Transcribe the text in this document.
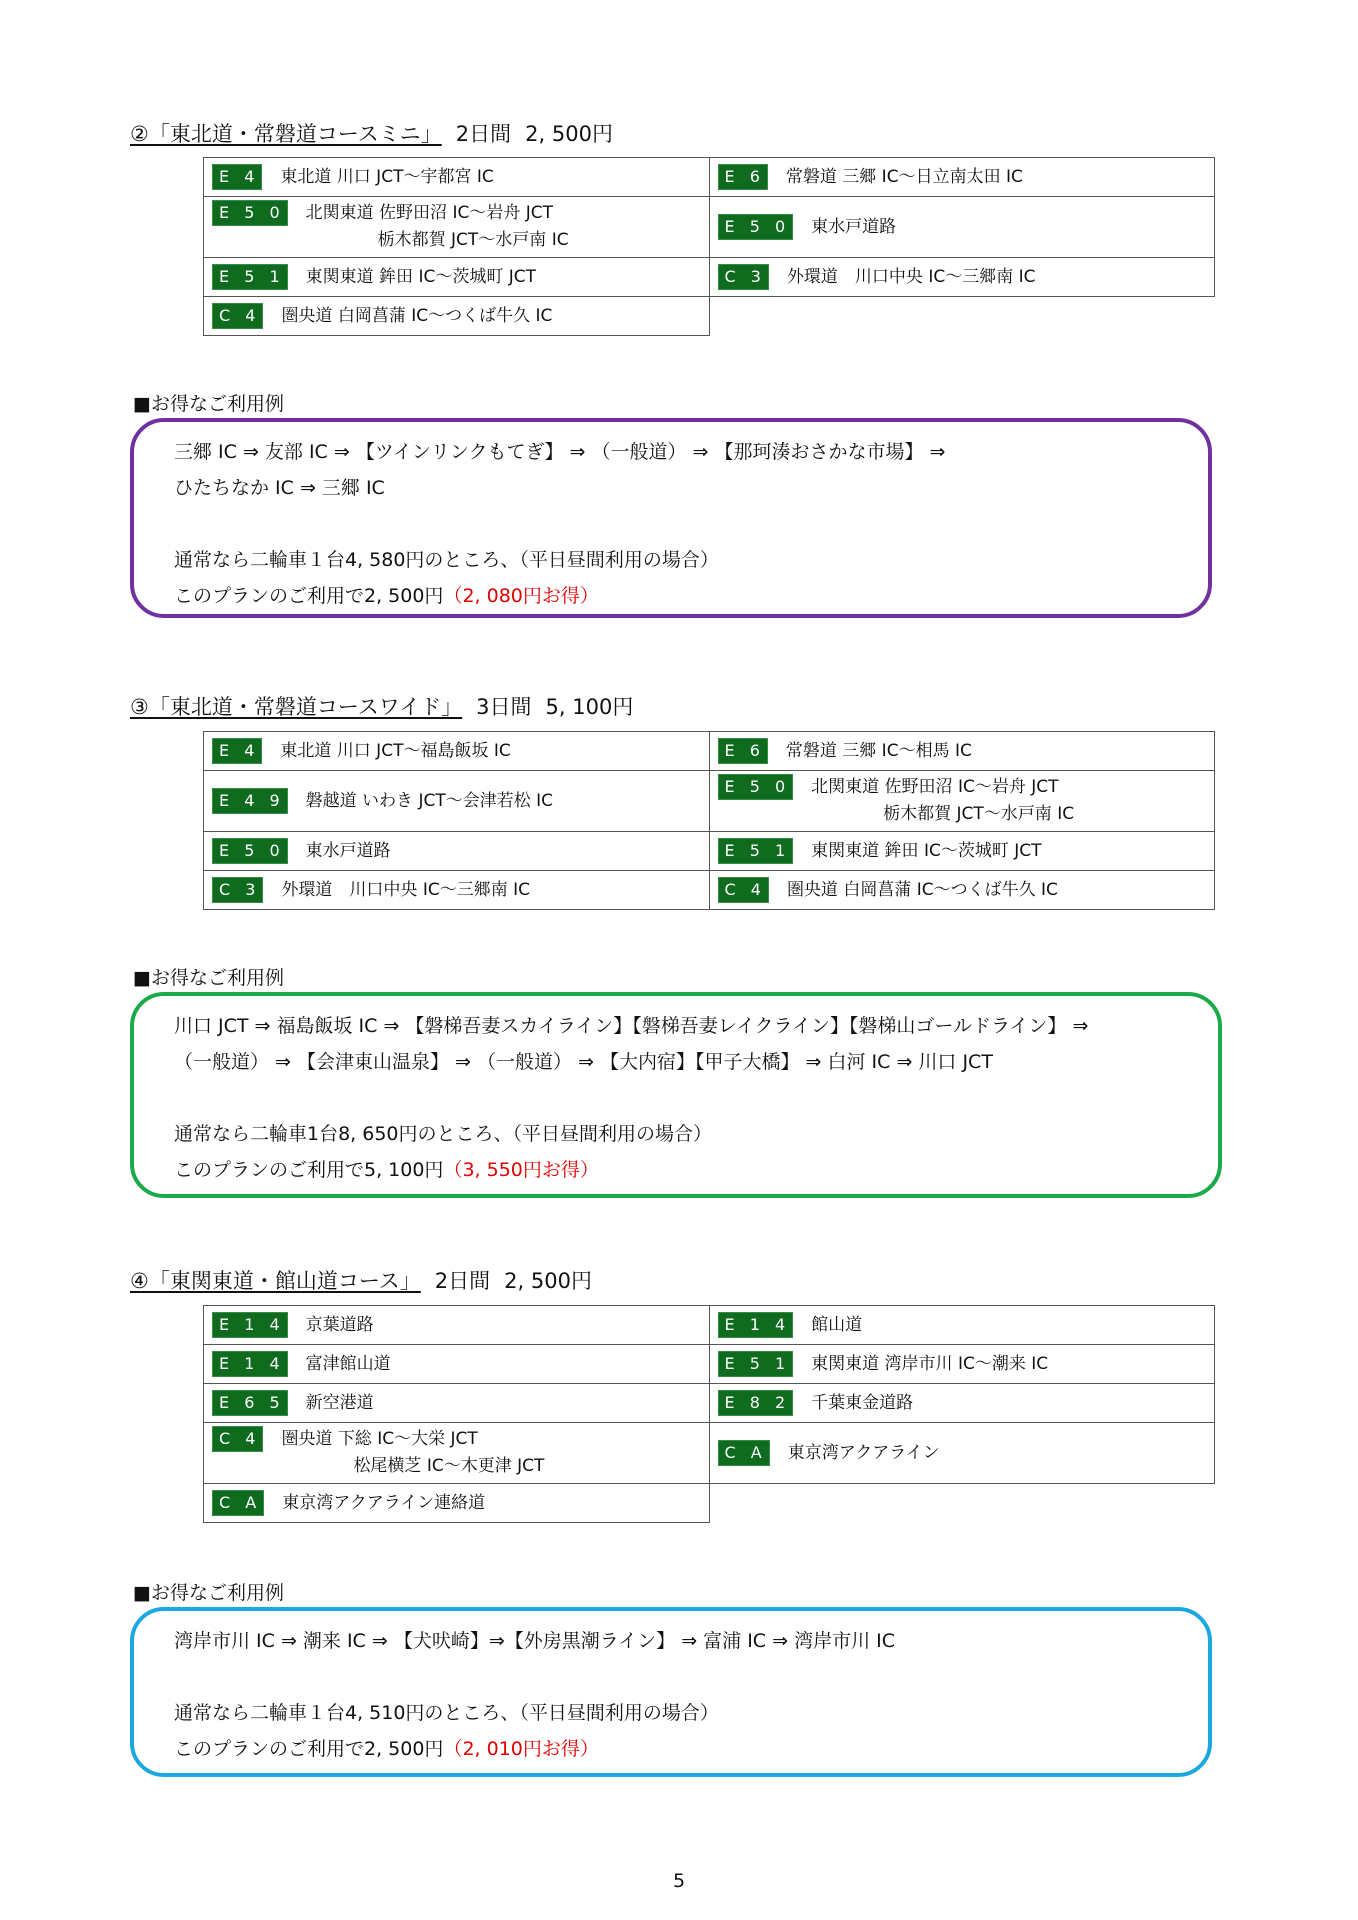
②「東北道・常磐道コースミニ」 2日間 2, 500円
E 4 東北道 川口 JCT～宇都宮 IC	E 6 常磐道 三郷 IC～日立南太田 IC

E 5 0 北関東道 佐野田沼 IC～岩舟 JCT
栃木都賀 JCT～水戸南 IC	E 5 0 東水戸道路

E 5 1 東関東道 鉾田 IC～茨城町 JCT	C 3 外環道　川口中央 IC～三郷南 IC

C 4 圏央道 白岡菖蒲 IC～つくば牛久 IC	

■お得なご利用例

三郷 IC ⇒ 友部 IC ⇒ 【ツインリンクもてぎ】 ⇒ （一般道） ⇒ 【那珂湊おさかな市場】 ⇒

ひたちなか IC ⇒ 三郷 IC

通常なら二輪車１台4, 580円のところ、（平日昼間利用の場合）

このプランのご利用で2, 500円（2, 080円お得）

③「東北道・常磐道コースワイド」 3日間 5, 100円
E 4 東北道 川口 JCT～福島飯坂 IC	E 6 常磐道 三郷 IC～相馬 IC

E 4 9 磐越道 いわき JCT～会津若松 IC	E 5 0 北関東道 佐野田沼 IC～岩舟 JCT
栃木都賀 JCT～水戸南 IC

E 5 0 東水戸道路	E 5 1 東関東道 鉾田 IC～茨城町 JCT

C 3 外環道　川口中央 IC～三郷南 IC	C 4 圏央道 白岡菖蒲 IC～つくば牛久 IC
■お得なご利用例

川口 JCT ⇒ 福島飯坂 IC ⇒ 【磐梯吾妻スカイライン】【磐梯吾妻レイクライン】【磐梯山ゴールドライン】 ⇒

（一般道） ⇒ 【会津東山温泉】 ⇒ （一般道） ⇒ 【大内宿】【甲子大橋】 ⇒ 白河 IC ⇒ 川口 JCT

通常なら二輪車1台8, 650円のところ、（平日昼間利用の場合）

このプランのご利用で5, 100円（3, 550円お得）

④「東関東道・館山道コース」 2日間 2, 500円
E 1 4 京葉道路	E 1 4 館山道

E 1 4 富津館山道	E 5 1 東関東道 湾岸市川 IC～潮来 IC

E 6 5 新空港道	E 8 2 千葉東金道路

C 4 圏央道 下総 IC～大栄 JCT
松尾横芝 IC～木更津 JCT	C A 東京湾アクアライン

C A 東京湾アクアライン連絡道	

■お得なご利用例

湾岸市川 IC ⇒ 潮来 IC ⇒ 【犬吠崎】⇒【外房黒潮ライン】 ⇒ 富浦 IC ⇒ 湾岸市川 IC

通常なら二輪車１台4, 510円のところ、（平日昼間利用の場合）

このプランのご利用で2, 500円（2, 010円お得）

5
